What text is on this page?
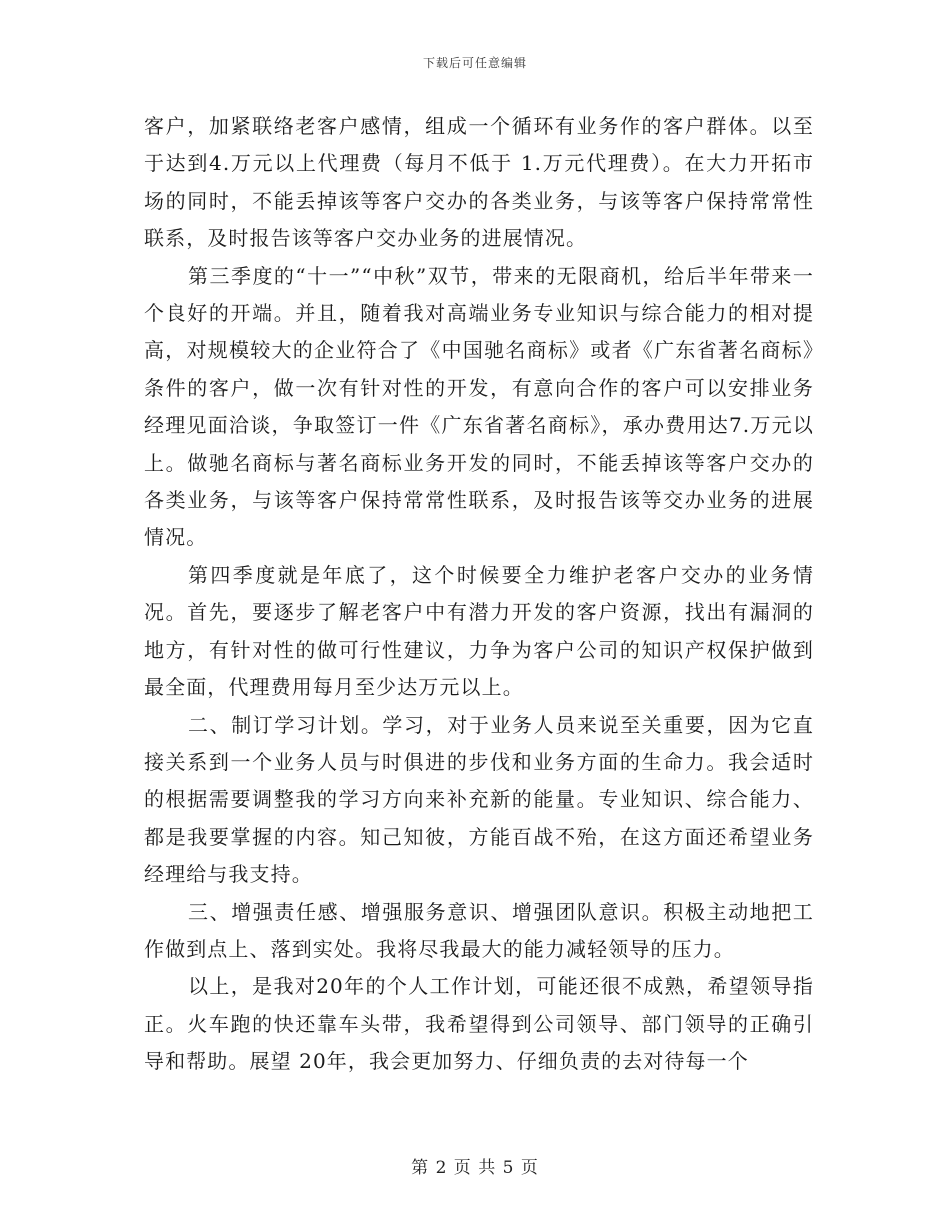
下载后可任意编辑

客户，加紧联络老客户感情，组成一个循环有业务作的客户群体。以至于达到4.万元以上代理费（每月不低于 1.万元代理费）。在大力开拓市场的同时，不能丢掉该等客户交办的各类业务，与该等客户保持常常性联系，及时报告该等客户交办业务的进展情况。

第三季度的“十一”“中秋”双节，带来的无限商机，给后半年带来一个良好的开端。并且，随着我对高端业务专业知识与综合能力的相对提高，对规模较大的企业符合了《中国驰名商标》或者《广东省著名商标》条件的客户，做一次有针对性的开发，有意向合作的客户可以安排业务经理见面洽谈，争取签订一件《广东省著名商标》，承办费用达7.万元以上。做驰名商标与著名商标业务开发的同时，不能丢掉该等客户交办的各类业务，与该等客户保持常常性联系，及时报告该等交办业务的进展情况。

第四季度就是年底了，这个时候要全力维护老客户交办的业务情况。首先，要逐步了解老客户中有潜力开发的客户资源，找出有漏洞的地方，有针对性的做可行性建议，力争为客户公司的知识产权保护做到最全面，代理费用每月至少达万元以上。

二、制订学习计划。学习，对于业务人员来说至关重要，因为它直接关系到一个业务人员与时俱进的步伐和业务方面的生命力。我会适时的根据需要调整我的学习方向来补充新的能量。专业知识、综合能力、都是我要掌握的内容。知己知彼，方能百战不殆，在这方面还希望业务经理给与我支持。

三、增强责任感、增强服务意识、增强团队意识。积极主动地把工作做到点上、落到实处。我将尽我最大的能力减轻领导的压力。

以上，是我对20年的个人工作计划，可能还很不成熟，希望领导指正。火车跑的快还靠车头带，我希望得到公司领导、部门领导的正确引导和帮助。展望 20年，我会更加努力、仔细负责的去对待每一个

第 2 页 共 5 页
